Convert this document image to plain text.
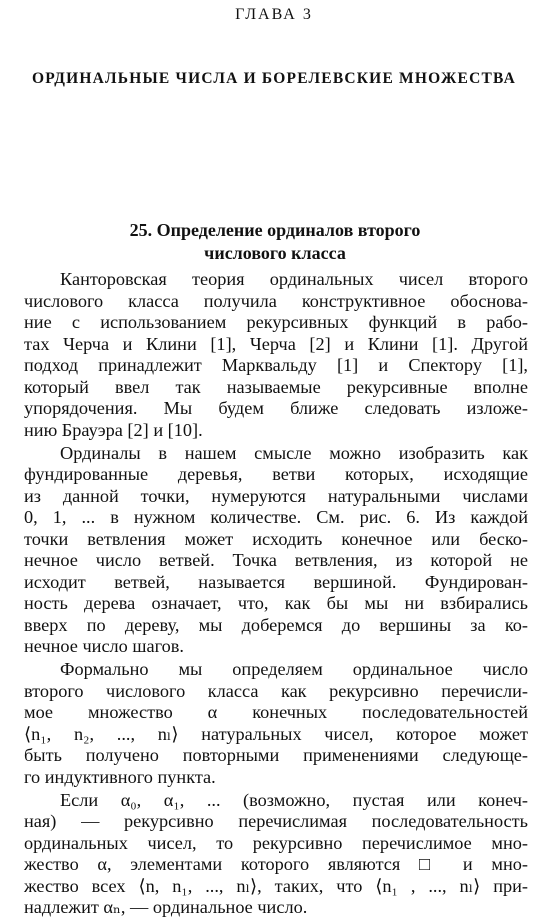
ГЛАВА 3
ОРДИНАЛЬНЫЕ ЧИСЛА И БОРЕЛЕВСКИЕ МНОЖЕСТВА
25. Определение ординалов второго
числового класса
Канторовская теория ординальных чисел второго
числового класса получила конструктивное обоснова-
ние с использованием рекурсивных функций в рабо-
тах Черча и Клини [1], Черча [2] и Клини [1]. Другой
подход принадлежит Марквальду [1] и Спектору [1],
который ввел так называемые рекурсивные вполне
упорядочения. Мы будем ближе следовать изложе-
нию Брауэра [2] и [10].
Ординалы в нашем смысле можно изобразить как
фундированные деревья, ветви которых, исходящие
из данной точки, нумеруются натуральными числами
0, 1, ... в нужном количестве. См. рис. 6. Из каждой
точки ветвления может исходить конечное или беско-
нечное число ветвей. Точка ветвления, из которой не
исходит ветвей, называется вершиной. Фундирован-
ность дерева означает, что, как бы мы ни взбирались
вверх по дереву, мы доберемся до вершины за ко-
нечное число шагов.
Формально мы определяем ординальное число
второго числового класса как рекурсивно перечисли-
мое множество α конечных последовательностей
⟨n₁, n₂, ..., nₗ⟩ натуральных чисел, которое может
быть получено повторными применениями следующе-
го индуктивного пункта.
Если α₀, α₁, ... (возможно, пустая или конеч-
ная) — рекурсивно перечислимая последовательность
ординальных чисел, то рекурсивно перечислимое мно-
жество α, элементами которого являются □ и мно-
жество всех ⟨n, n₁, ..., nₗ⟩, таких, что ⟨n₁ , ..., nₗ⟩ при-
надлежит αₙ, — ординальное число.
